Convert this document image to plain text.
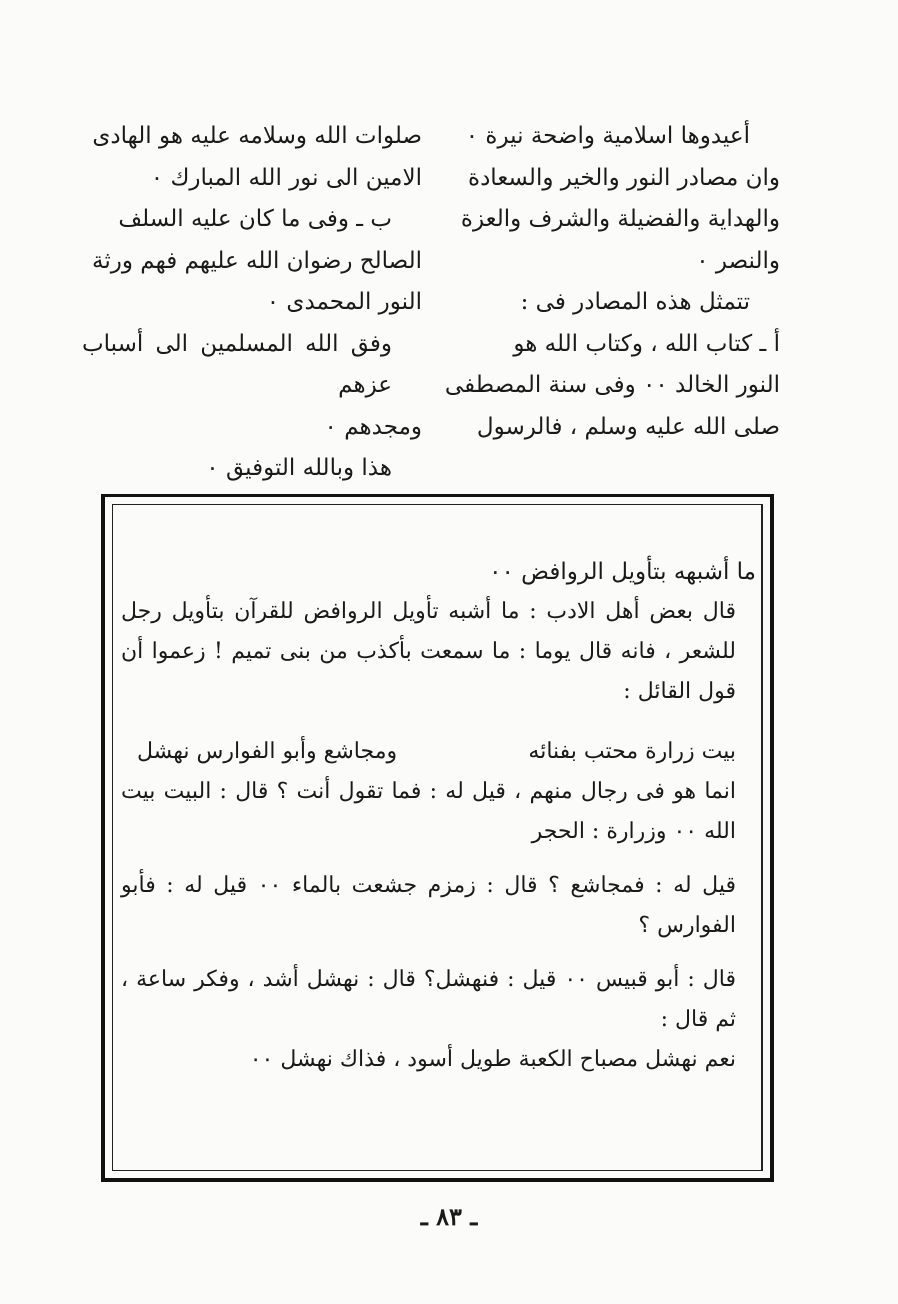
أعيدوها اسلامية واضحة نيرة ٠

وان مصادر النور والخير والسعادة

والهداية والفضيلة والشرف والعزة

والنصر ٠

تتمثل هذه المصادر فى :

أ ـ كتاب الله ، وكتاب الله هو

النور الخالد ٠٠ وفى سنة المصطفى

صلى الله عليه وسلم ، فالرسول

صلوات الله وسلامه عليه هو الهادى

الامين الى نور الله المبارك ٠

ب ـ وفى ما كان عليه السلف

الصالح رضوان الله عليهم فهم ورثة

النور المحمدى ٠

وفق الله المسلمين الى أسباب عزهم

ومجدهم ٠

هذا وبالله التوفيق ٠

ما أشبهه بتأويل الروافض ٠٠

قال بعض أهل الادب : ما أشبه تأويل الروافض للقرآن بتأويل رجل للشعر ، فانه قال يوما : ما سمعت بأكذب من بنى تميم ! زعموا أن قول القائل :

بيت زرارة محتب بفنائه
ومجاشع وأبو الفوارس نهشل

انما هو فى رجال منهم ، قيل له : فما تقول أنت ؟ قال : البيت بيت الله ٠٠ وزرارة : الحجر

قيل له : فمجاشع ؟ قال : زمزم جشعت بالماء ٠٠ قيل له : فأبو الفوارس ؟

قال : أبو قبيس ٠٠ قيل : فنهشل؟ قال : نهشل أشد ، وفكر ساعة ، ثم قال :

نعم نهشل مصباح الكعبة طويل أسود ، فذاك نهشل ٠٠

ـ ٨٣ ـ
